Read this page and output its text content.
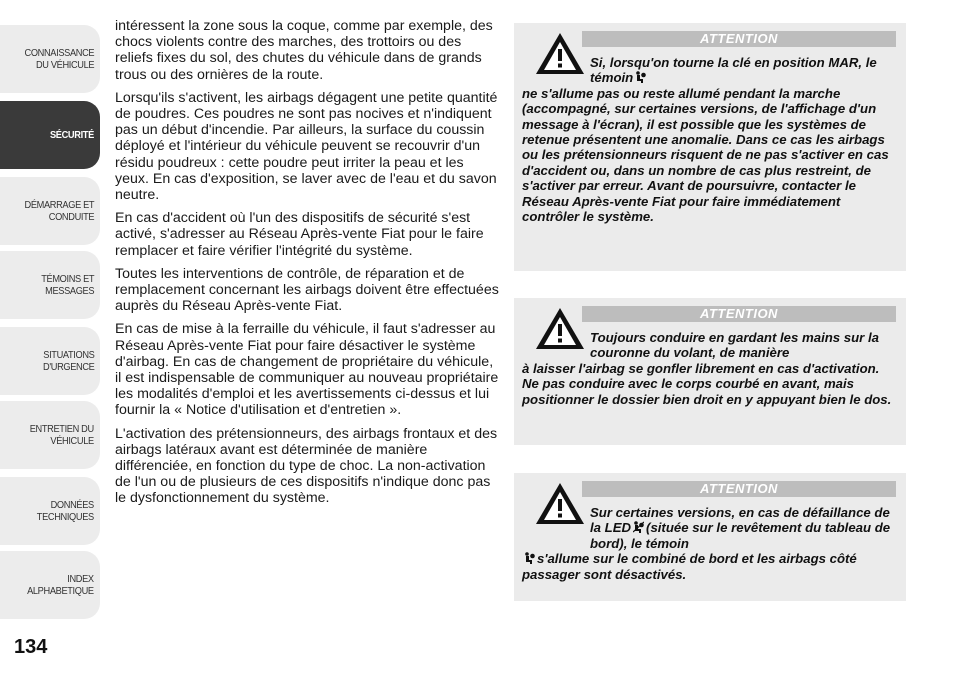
CONNAISSANCE
DU VÉHICULE
SÉCURITÉ
DÉMARRAGE ET
CONDUITE
TÉMOINS ET
MESSAGES
SITUATIONS
D'URGENCE
ENTRETIEN DU
VÉHICULE
DONNÉES
TECHNIQUES
INDEX
ALPHABETIQUE
134

intéressent la zone sous la coque, comme par exemple, des chocs violents contre des marches, des trottoirs ou des reliefs fixes du sol, des chutes du véhicule dans de grands trous ou des ornières de la route.

Lorsqu'ils s'activent, les airbags dégagent une petite quantité de poudres. Ces poudres ne sont pas nocives et n'indiquent pas un début d'incendie. Par ailleurs, la surface du coussin déployé et l'intérieur du véhicule peuvent se recouvrir d'un résidu poudreux : cette poudre peut irriter la peau et les yeux. En cas d'exposition, se laver avec de l'eau et du savon neutre.

En cas d'accident où l'un des dispositifs de sécurité s'est activé, s'adresser au Réseau Après-vente Fiat pour le faire remplacer et faire vérifier l'intégrité du système.

Toutes les interventions de contrôle, de réparation et de remplacement concernant les airbags doivent être effectuées auprès du Réseau Après-vente Fiat.

En cas de mise à la ferraille du véhicule, il faut s'adresser au Réseau Après-vente Fiat pour faire désactiver le système d'airbag. En cas de changement de propriétaire du véhicule, il est indispensable de communiquer au nouveau propriétaire les modalités d'emploi et les avertissements ci-dessus et lui fournir la « Notice d'utilisation et d'entretien ».

L'activation des prétensionneurs, des airbags frontaux et des airbags latéraux avant est déterminée de manière différenciée, en fonction du type de choc. La non-activation de l'un ou de plusieurs de ces dispositifs n'indique donc pas le dysfonctionnement du système.

ATTENTION
Si, lorsqu'on tourne la clé en position MAR, le témoin
ne s'allume pas ou reste allumé pendant la marche (accompagné, sur certaines versions, de l'affichage d'un message à l'écran), il est possible que les systèmes de retenue présentent une anomalie. Dans ce cas les airbags ou les prétensionneurs risquent de ne pas s'activer en cas d'accident ou, dans un nombre de cas plus restreint, de s'activer par erreur. Avant de poursuivre, contacter le Réseau Après-vente Fiat pour faire immédiatement contrôler le système.
ATTENTION
Toujours conduire en gardant les mains sur la couronne du volant, de manière
à laisser l'airbag se gonfler librement en cas d'activation. Ne pas conduire avec le corps courbé en avant, mais positionner le dossier bien droit en y appuyant bien le dos.
ATTENTION
Sur certaines versions, en cas de défaillance de la LED (située sur le revêtement du tableau de bord), le témoin
s'allume sur le combiné de bord et les airbags côté passager sont désactivés.
